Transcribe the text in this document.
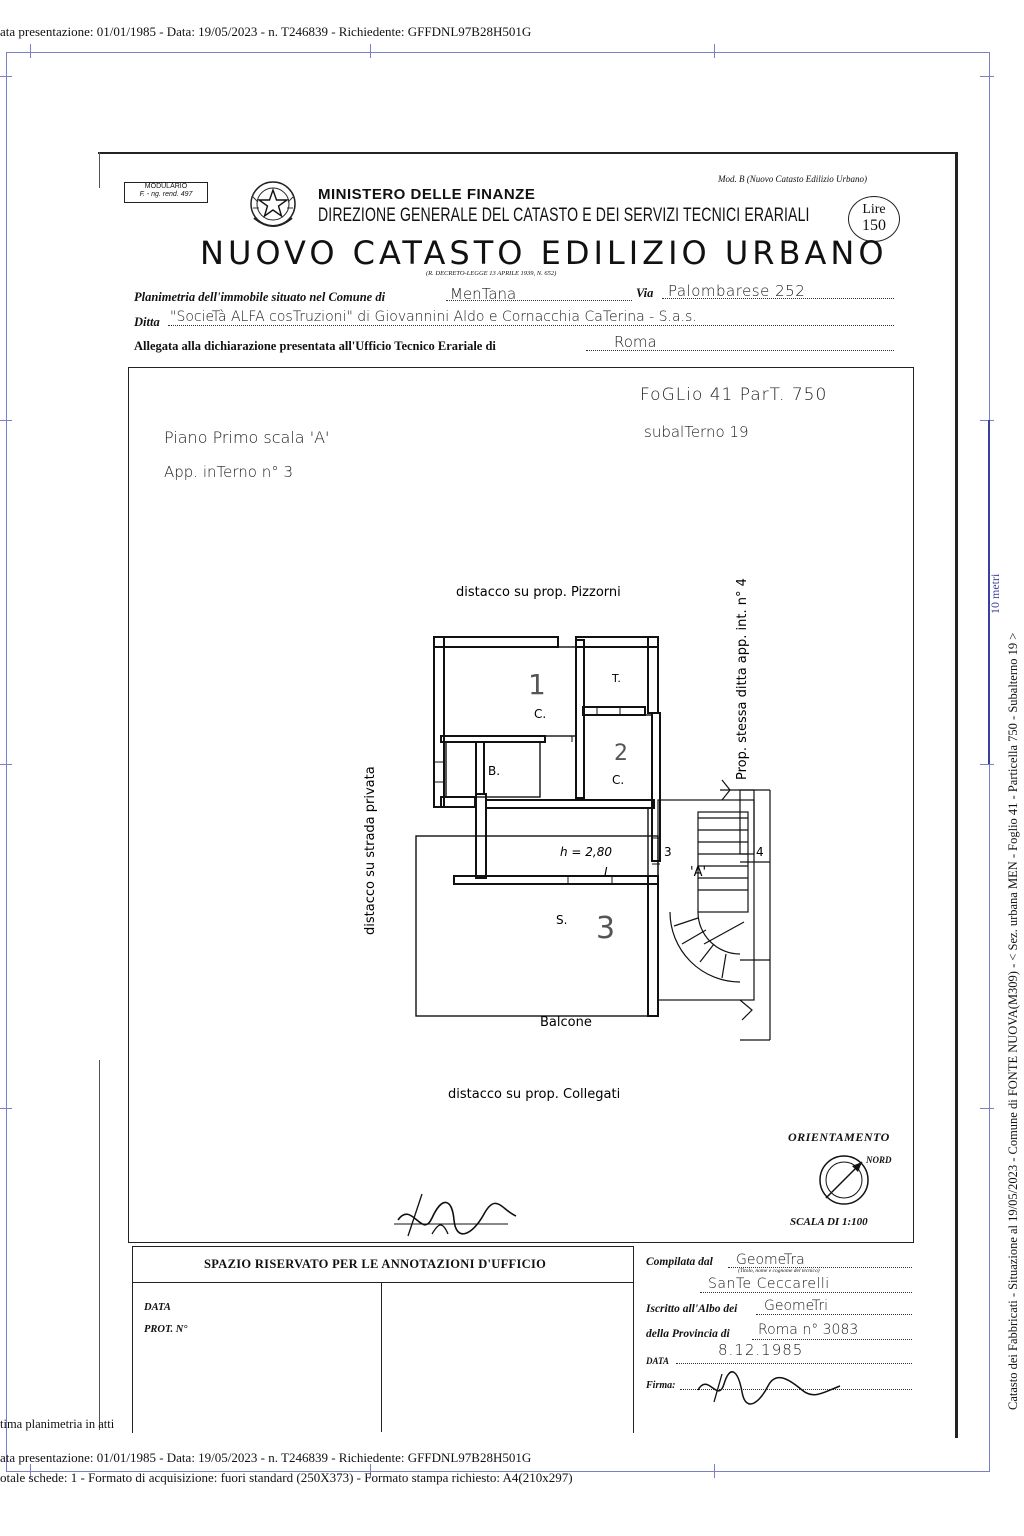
ata presentazione: 01/01/1985 - Data: 19/05/2023 - n. T246839 - Richiedente: GFFDNL97B28H501G
10 metri
Catasto dei Fabbricati - Situazione al 19/05/2023 - Comune di FONTE NUOVA(M309) - < Sez. urbana MEN - Foglio 41 - Particella 750 - Subalterno 19 >
MODULARIO
F. - ng. rend. 497
Mod. B (Nuovo Catasto Edilizio Urbano)
MINISTERO DELLE FINANZE
DIREZIONE GENERALE DEL CATASTO E DEI SERVIZI TECNICI ERARIALI	Lire
150
NUOVO CATASTO EDILIZIO URBANO
(R. DECRETO-LEGGE 13 APRILE 1939, N. 652)
Planimetria dell'immobile situato nel Comune di	MenTana	Via Palombarese 252
Ditta "SocieTà ALFA cosTruzioni" di Giovannini Aldo e Cornacchia CaTerina - S.a.s.
Allegata alla dichiarazione presentata all'Ufficio Tecnico Erariale di	Roma
FoGLio 41 ParT. 750
subalTerno 19
Piano Primo scala 'A'
App. inTerno n° 3
distacco su prop. Pizzorni
distacco su prop. Collegati
distacco su strada privata
Prop. stessa ditta app. int. n° 4
C.
T.
C.
B.
S.
h = 2,80
I	'A'
Balcone
1
2
3
3	4
ORIENTAMENTO
NORD
SCALA DI 1:100
SPAZIO RISERVATO PER LE ANNOTAZIONI D'UFFICIO
DATA
PROT. N°
Compilata dal GeomeTra
(Titolo, nome e cognome del tecnico)
SanTe Ceccarelli
Iscritto all'Albo dei GeomeTri
della Provincia di Roma n° 3083
DATA
8.12.1985
Firma:
tima planimetria in atti
ata presentazione: 01/01/1985 - Data: 19/05/2023 - n. T246839 - Richiedente: GFFDNL97B28H501G
otale schede: 1 - Formato di acquisizione: fuori standard (250X373) - Formato stampa richiesto: A4(210x297)
